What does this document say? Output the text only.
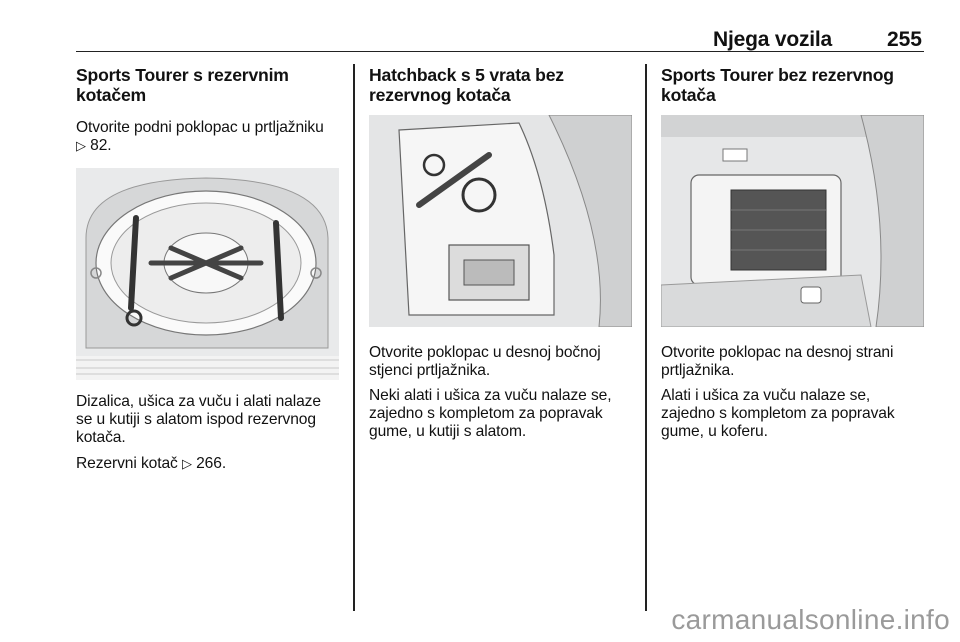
Njega vozila	255
Sports Tourer s rezervnim kotačem

Otvorite podni poklopac u prtljažniku
▷ 82.

Dizalica, ušica za vuču i alati nalaze se u kutiji s alatom ispod rezervnog kotača.

Rezervni kotač ▷ 266.

Hatchback s 5 vrata bez rezervnog kotača

Otvorite poklopac u desnoj bočnoj stjenci prtljažnika.

Neki alati i ušica za vuču nalaze se, zajedno s kompletom za popravak gume, u kutiji s alatom.

Sports Tourer bez rezervnog kotača

Otvorite poklopac na desnoj strani prtljažnika.

Alati i ušica za vuču nalaze se, zajedno s kompletom za popravak gume, u koferu.

carmanualsonline.info
